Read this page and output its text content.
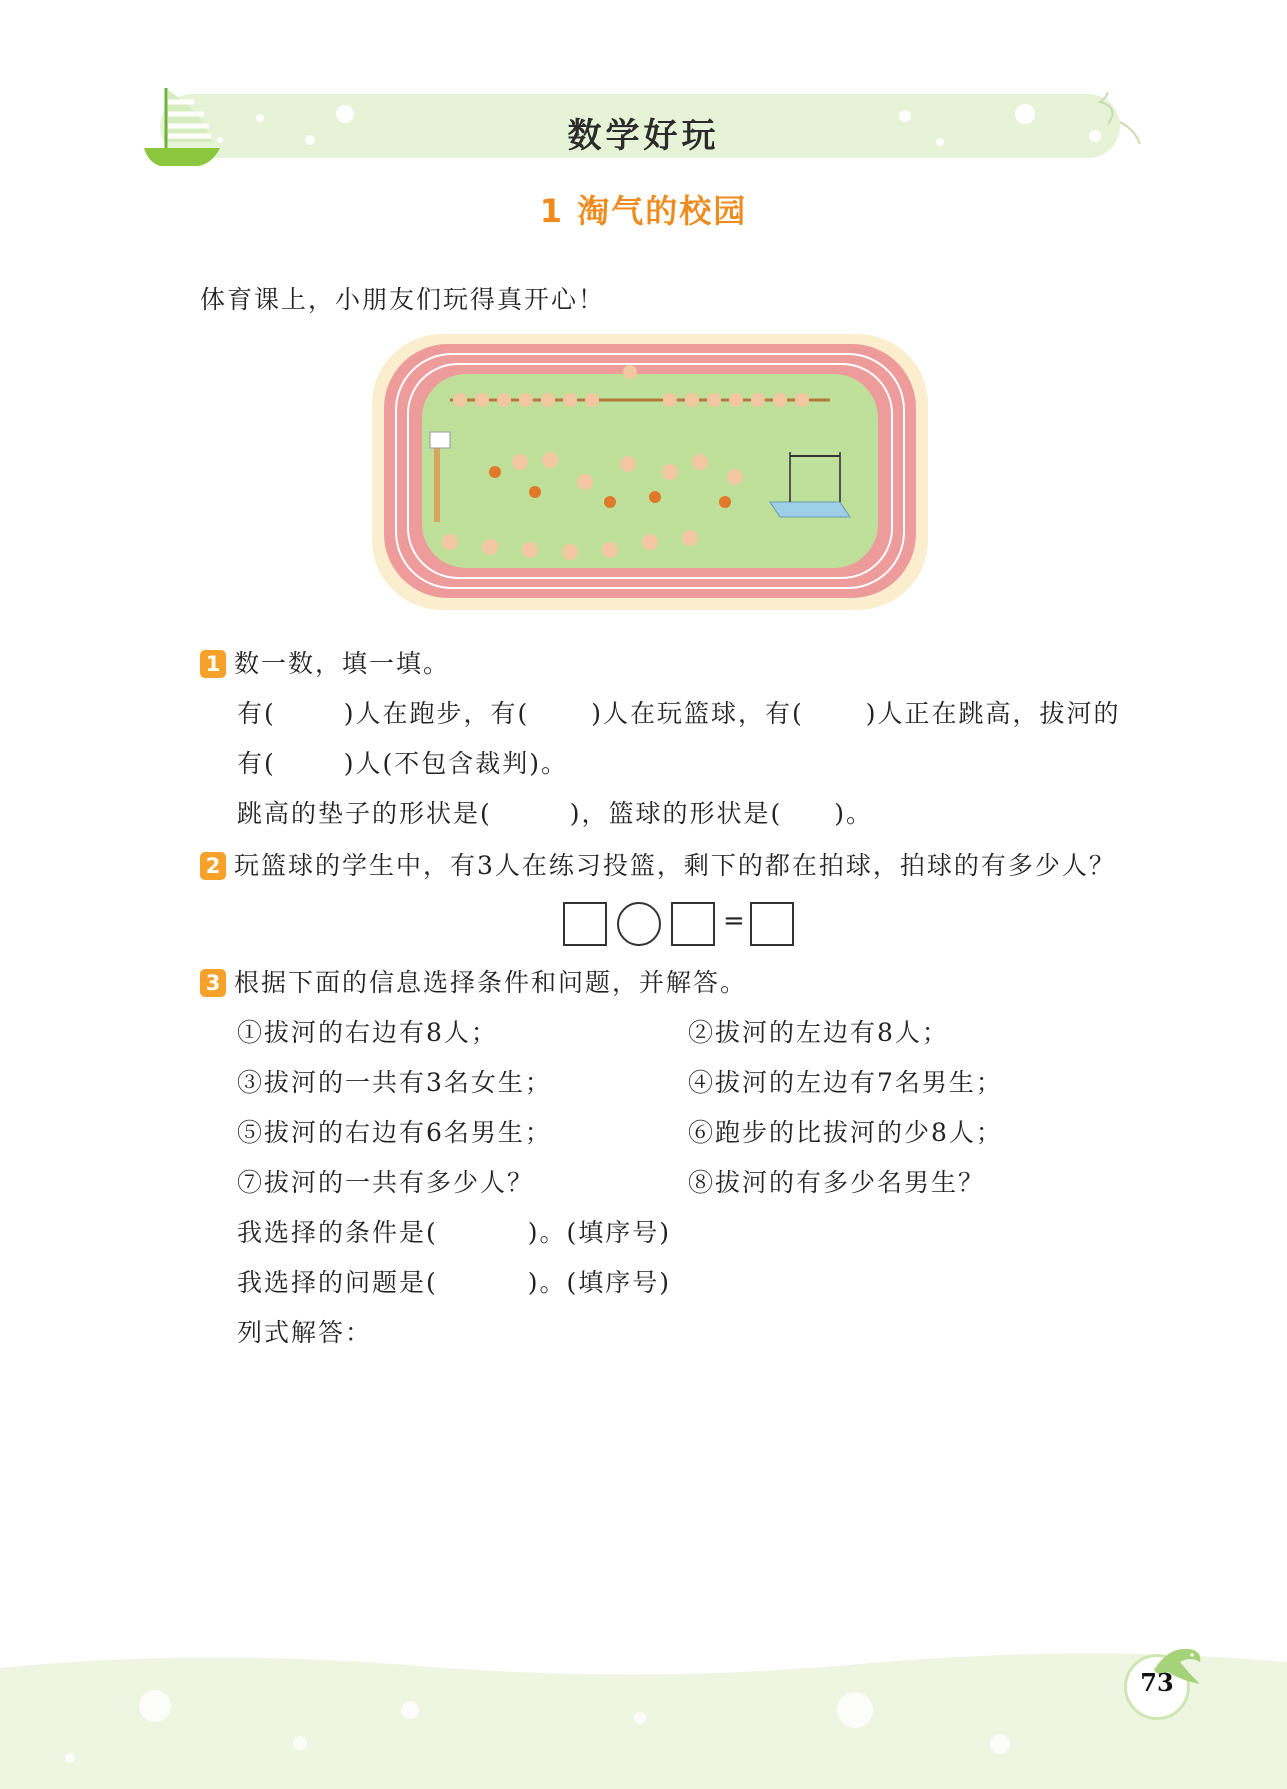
数学好玩
1 淘气的校园
体育课上，小朋友们玩得真开心！
1 数一数，填一填。
有(	)人在跑步，有( )人在玩篮球，有( )人正在跳高，拔河的
有(	)人(不包含裁判)。
跳高的垫子的形状是(	)，篮球的形状是( )。
2 玩篮球的学生中，有3人在练习投篮，剩下的都在拍球，拍球的有多少人？
=
3 根据下面的信息选择条件和问题，并解答。
①拔河的右边有8人；	②拔河的左边有8人；
③拔河的一共有3名女生；	④拔河的左边有7名男生；
⑤拔河的右边有6名男生；	⑥跑步的比拔河的少8人；
⑦拔河的一共有多少人？	⑧拔河的有多少名男生？
我选择的条件是(	)。(填序号)
我选择的问题是(	)。(填序号)
列式解答：
73
